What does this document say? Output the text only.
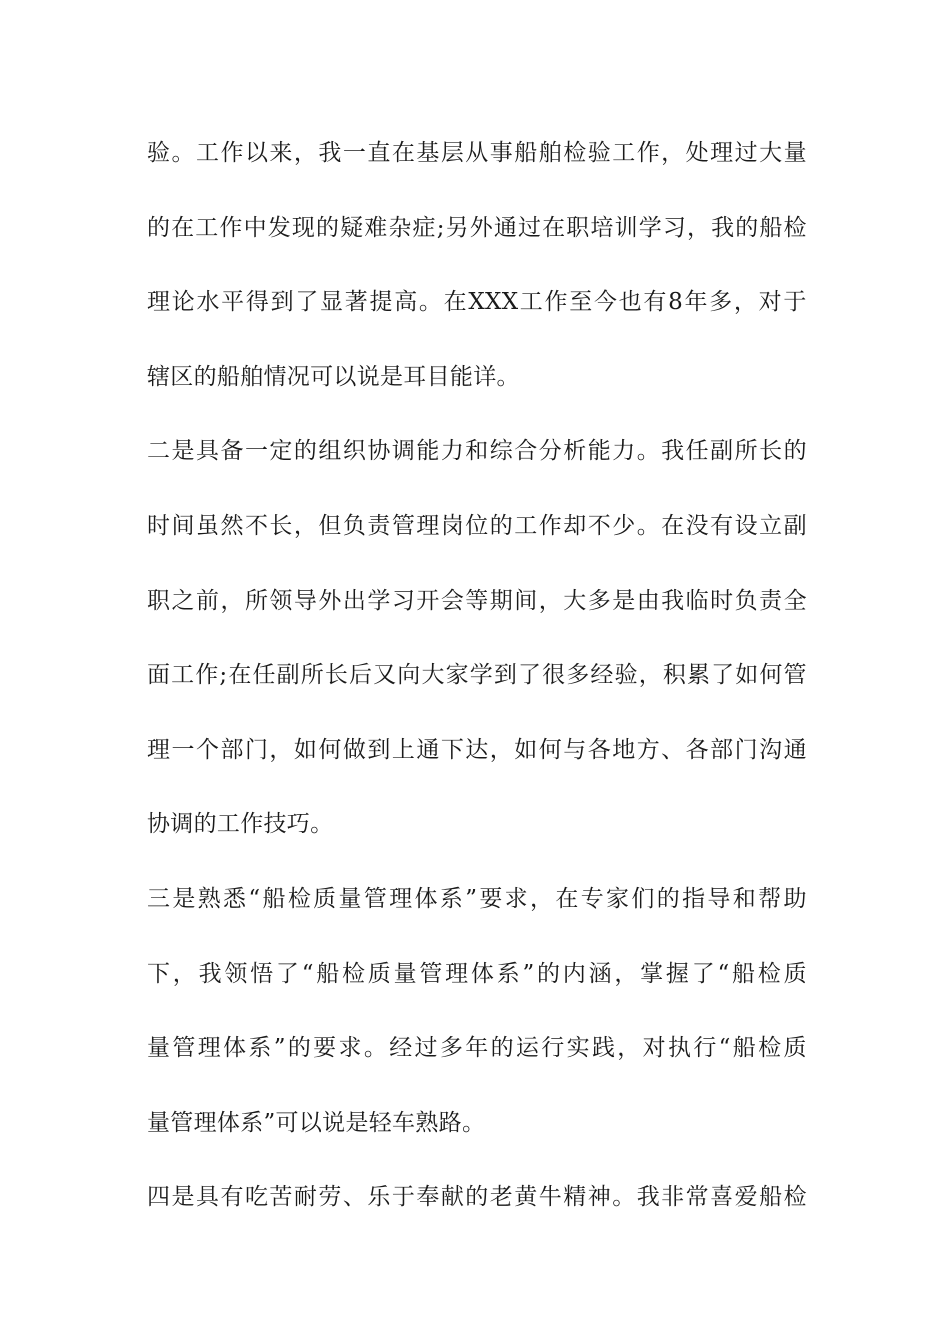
验 。 工 作 以 来 ， 我 一 直 在 基 层 从 事 船 舶 检 验 工 作 ， 处 理 过 大 量
的 在 工 作 中 发 现 的 疑 难 杂 症 ; 另 外 通 过 在 职 培 训 学 习 ， 我 的 船 检
理 论 水 平 得 到 了 显 著 提 高 。 在 XXX 工 作 至 今 也 有 8 年 多 ， 对 于
辖区的船舶情况可以说是耳目能详。
二 是 具 备 一 定 的 组 织 协 调 能 力 和 综 合 分 析 能 力 。 我 任 副 所 长 的
时 间 虽 然 不 长 ， 但 负 责 管 理 岗 位 的 工 作 却 不 少 。 在 没 有 设 立 副
职 之 前 ， 所 领 导 外 出 学 习 开 会 等 期 间 ， 大 多 是 由 我 临 时 负 责 全
面 工 作 ; 在 任 副 所 长 后 又 向 大 家 学 到 了 很 多 经 验 ， 积 累 了 如 何 管
理 一 个 部 门 ， 如 何 做 到 上 通 下 达 ， 如 何 与 各 地 方 、 各 部 门 沟 通
协调的工作技巧。
三 是 熟 悉 “ 船 检 质 量 管 理 体 系 ” 要 求 ， 在 专 家 们 的 指 导 和 帮 助
下 ， 我 领 悟 了 “ 船 检 质 量 管 理 体 系 ” 的 内 涵 ， 掌 握 了 “ 船 检 质
量 管 理 体 系 ” 的 要 求 。 经 过 多 年 的 运 行 实 践 ， 对 执 行 “ 船 检 质
量管理体系”可以说是轻车熟路。
四 是 具 有 吃 苦 耐 劳 、 乐 于 奉 献 的 老 黄 牛 精 神 。 我 非 常 喜 爱 船 检
